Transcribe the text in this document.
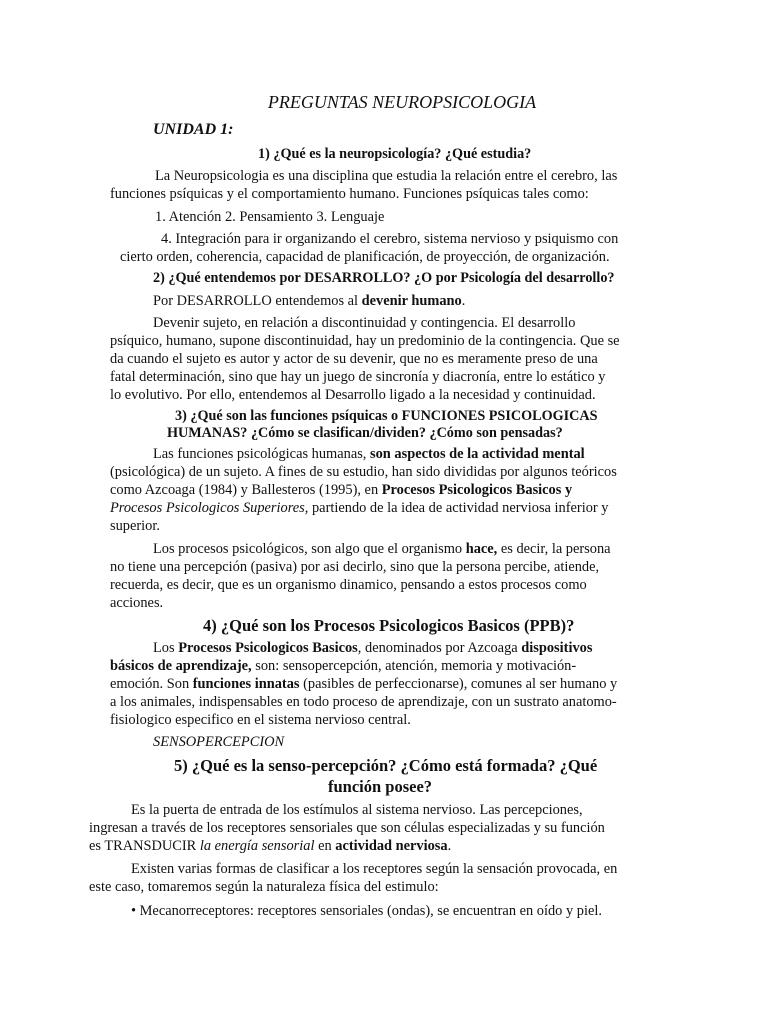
PREGUNTAS NEUROPSICOLOGIA
UNIDAD 1:
1) ¿Qué es la neuropsicología? ¿Qué estudia?
La Neuropsicologia es una disciplina que estudia la relación entre el cerebro, las
funciones psíquicas y el comportamiento humano. Funciones psíquicas tales como:
1. Atención 2. Pensamiento 3. Lenguaje
4. Integración para ir organizando el cerebro, sistema nervioso y psiquismo con
cierto orden, coherencia, capacidad de planificación, de proyección, de organización.
2) ¿Qué entendemos por DESARROLLO? ¿O por Psicología del desarrollo?
Por DESARROLLO entendemos al devenir humano.
Devenir sujeto, en relación a discontinuidad y contingencia. El desarrollo
psíquico, humano, supone discontinuidad, hay un predominio de la contingencia. Que se
da cuando el sujeto es autor y actor de su devenir, que no es meramente preso de una
fatal determinación, sino que hay un juego de sincronía y diacronía, entre lo estático y
lo evolutivo. Por ello, entendemos al Desarrollo ligado a la necesidad y continuidad.
3) ¿Qué son las funciones psíquicas o FUNCIONES PSICOLOGICAS
HUMANAS? ¿Cómo se clasifican/dividen? ¿Cómo son pensadas?
Las funciones psicológicas humanas, son aspectos de la actividad mental
(psicológica) de un sujeto. A fines de su estudio, han sido divididas por algunos teóricos
como Azcoaga (1984) y Ballesteros (1995), en Procesos Psicologicos Basicos y
Procesos Psicologicos Superiores, partiendo de la idea de actividad nerviosa inferior y
superior.
Los procesos psicológicos, son algo que el organismo hace, es decir, la persona
no tiene una percepción (pasiva) por asi decirlo, sino que la persona percibe, atiende,
recuerda, es decir, que es un organismo dinamico, pensando a estos procesos como
acciones.
4) ¿Qué son los Procesos Psicologicos Basicos (PPB)?
Los Procesos Psicologicos Basicos, denominados por Azcoaga dispositivos
básicos de aprendizaje, son: sensopercepción, atención, memoria y motivación-
emoción. Son funciones innatas (pasibles de perfeccionarse), comunes al ser humano y
a los animales, indispensables en todo proceso de aprendizaje, con un sustrato anatomo-
fisiologico especifico en el sistema nervioso central.
SENSOPERCEPCION
5) ¿Qué es la senso-percepción? ¿Cómo está formada? ¿Qué
función posee?
Es la puerta de entrada de los estímulos al sistema nervioso. Las percepciones,
ingresan a través de los receptores sensoriales que son células especializadas y su función
es TRANSDUCIR la energía sensorial en actividad nerviosa.
Existen varias formas de clasificar a los receptores según la sensación provocada, en
este caso, tomaremos según la naturaleza física del estimulo:
• Mecanorreceptores: receptores sensoriales (ondas), se encuentran en oído y piel.
